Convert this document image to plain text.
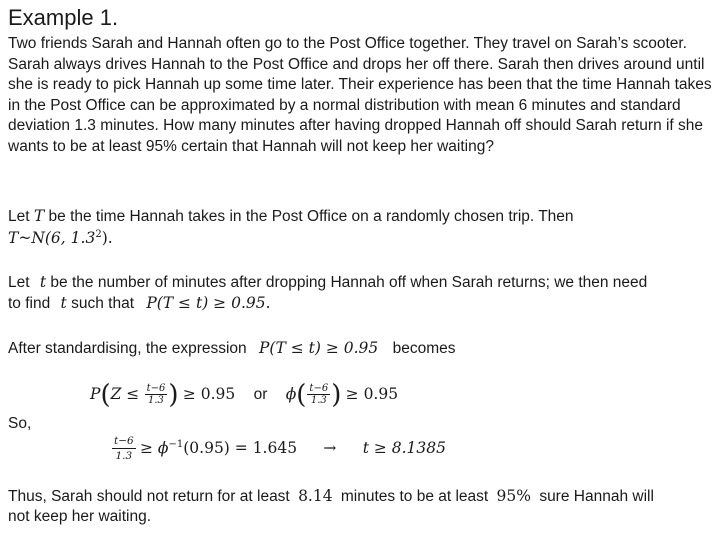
Example 1.
Two friends Sarah and Hannah often go to the Post Office together. They travel on Sarah’s scooter. Sarah always drives Hannah to the Post Office and drops her off there. Sarah then drives around until she is ready to pick Hannah up some time later. Their experience has been that the time Hannah takes in the Post Office can be approximated by a normal distribution with mean 6 minutes and standard deviation 1.3 minutes. How many minutes after having dropped Hannah off should Sarah return if she wants to be at least 95% certain that Hannah will not keep her waiting?
Let T be the time Hannah takes in the Post Office on a randomly chosen trip. Then
T~N(6, $1.3^2$).
Let t be the number of minutes after dropping Hannah off when Sarah returns; we then need
to find t such that P(T ≤ t) ≥ 0.95.
After standardising, the expression P(T ≤ t) ≥ 0.95 becomes
$P(Z \le \frac{t-6}{1.3}$ ) ≥ 0.95 or $\phi( \frac{t-6}{1.3}$ ) ≥ 0.95
So,
$\frac{t-6}{1.3} \ge \phi^{-1}(0.95) = 1.645 \to t \ge 8.1385$
Thus, Sarah should not return for at least 8.14 minutes to be at least 95% sure Hannah will
not keep her waiting.
